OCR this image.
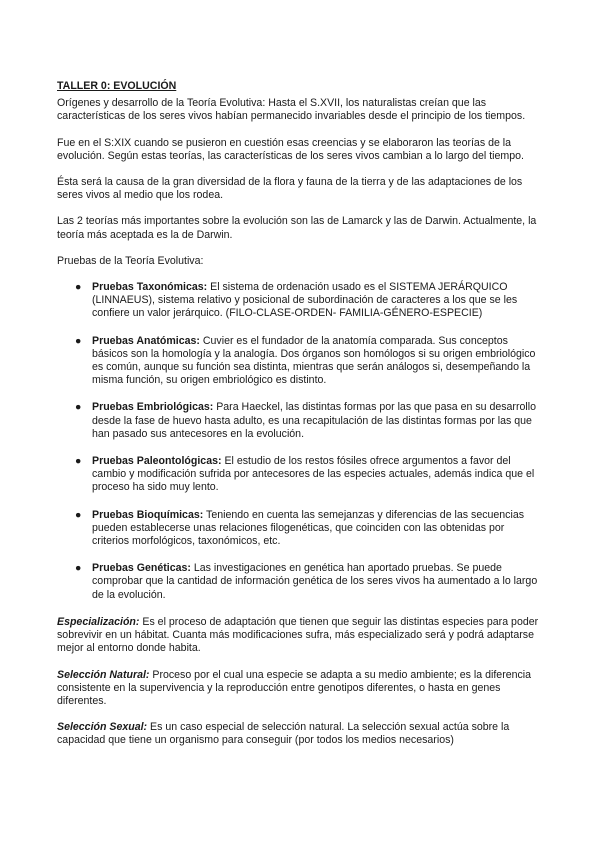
TALLER 0: EVOLUCIÓN

Orígenes y desarrollo de la Teoría Evolutiva: Hasta el S.XVII, los naturalistas creían que las características de los seres vivos habían permanecido invariables desde el principio de los tiempos.

Fue en el S:XIX cuando se pusieron en cuestión esas creencias y se elaboraron las teorías de la evolución. Según estas teorías, las características de los seres vivos cambian a lo largo del tiempo.

Ésta será la causa de la gran diversidad de la flora y fauna de la tierra y de las adaptaciones de los seres vivos al medio que los rodea.

Las 2 teorías más importantes sobre la evolución son las de Lamarck y las de Darwin. Actualmente, la teoría más aceptada es la de Darwin.

Pruebas de la Teoría Evolutiva:

● Pruebas Taxonómicas: El sistema de ordenación usado es el SISTEMA JERÁRQUICO (LINNAEUS), sistema relativo y posicional de subordinación de caracteres a los que se les confiere un valor jerárquico. (FILO-CLASE-ORDEN- FAMILIA-GÉNERO-ESPECIE)
● Pruebas Anatómicas: Cuvier es el fundador de la anatomía comparada. Sus conceptos básicos son la homología y la analogía. Dos órganos son homólogos si su origen embriológico es común, aunque su función sea distinta, mientras que serán análogos si, desempeñando la misma función, su origen embriológico es distinto.
● Pruebas Embriológicas: Para Haeckel, las distintas formas por las que pasa en su desarrollo desde la fase de huevo hasta adulto, es una recapitulación de las distintas formas por las que han pasado sus antecesores en la evolución.
● Pruebas Paleontológicas: El estudio de los restos fósiles ofrece argumentos a favor del cambio y modificación sufrida por antecesores de las especies actuales, además indica que el proceso ha sido muy lento.
● Pruebas Bioquímicas: Teniendo en cuenta las semejanzas y diferencias de las secuencias pueden establecerse unas relaciones filogenéticas, que coinciden con las obtenidas por criterios morfológicos, taxonómicos, etc.
● Pruebas Genéticas: Las investigaciones en genética han aportado pruebas. Se puede comprobar que la cantidad de información genética de los seres vivos ha aumentado a lo largo de la evolución.

Especialización: Es el proceso de adaptación que tienen que seguir las distintas especies para poder sobrevivir en un hábitat. Cuanta más modificaciones sufra, más especializado será y podrá adaptarse mejor al entorno donde habita.

Selección Natural: Proceso por el cual una especie se adapta a su medio ambiente; es la diferencia consistente en la supervivencia y la reproducción entre genotipos diferentes, o hasta en genes diferentes.

Selección Sexual: Es un caso especial de selección natural. La selección sexual actúa sobre la capacidad que tiene un organismo para conseguir (por todos los medios necesarios)
